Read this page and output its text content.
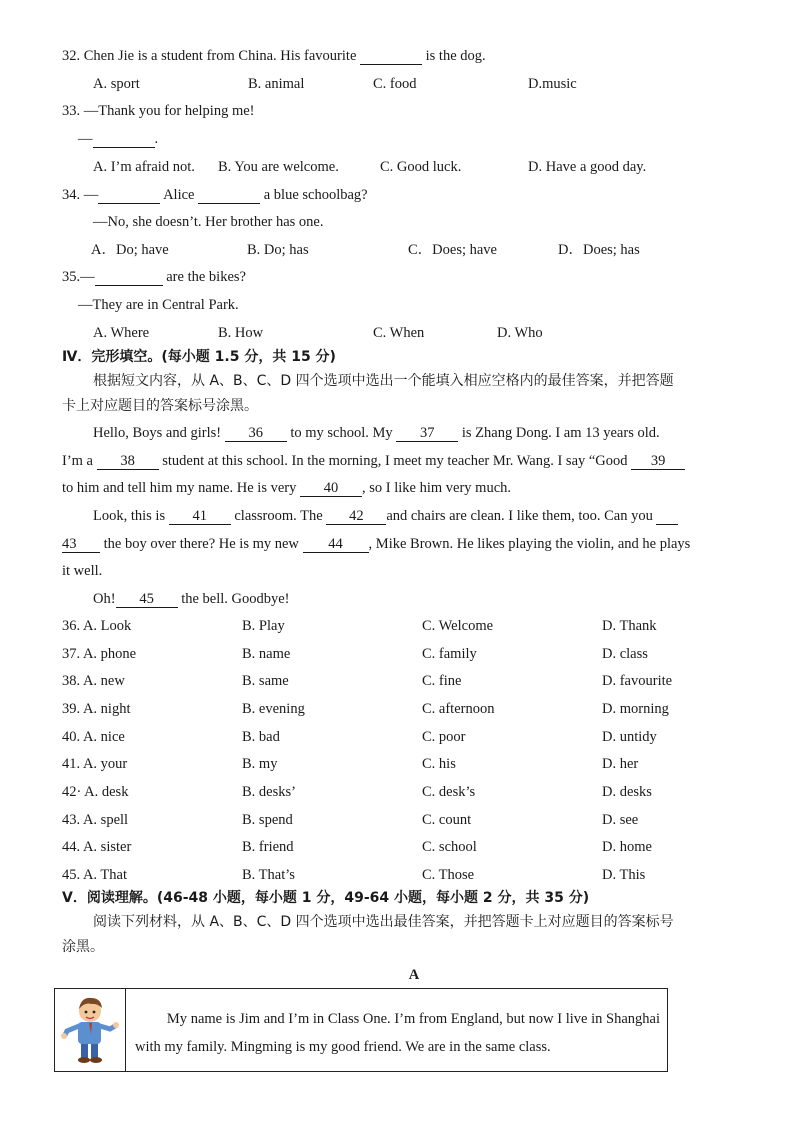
32. Chen Jie is a student from China. His favourite	is the dog.
A. sport	B. animal	C. food	D.music
33. —Thank you for helping me!
—	.
A. I’m afraid not. B. You are welcome.	C. Good luck.	D. Have a good day.
34. —	Alice	a blue schoolbag?
—No, she doesn’t. Her brother has one.
A．Do; have	B. Do; has	C．Does; have	D．Does; has
35.—	are the bikes?
—They are in Central Park.
A. Where	B. How	C. When	D. Who
Ⅳ．完形填空。(每小题 1.5 分，共 15 分)
根据短文内容，从 A、B、C、D 四个选项中选出一个能填入相应空格内的最佳答案，并把答题
卡上对应题目的答案标号涂黑。
Hello, Boys and girls! 36 to my school. My 37 is Zhang Dong. I am 13 years old.
I’m a 38 student at this school. In the morning, I meet my teacher Mr. Wang. I say “Good 39
to him and tell him my name. He is very 40 , so I like him very much.
Look, this is 41 classroom. The 42 and chairs are clean. I like them, too. Can you
43 the boy over there? He is my new 44 , Mike Brown. He likes playing the violin, and he plays
it well.
Oh! 45 the bell. Goodbye!
36. A. Look	B. Play	C. Welcome	D. Thank
37. A. phone	B. name	C. family	D. class
38. A. new	B. same	C. fine	D. favourite
39. A. night	B. evening	C. afternoon	D. morning
40. A. nice	B. bad	C. poor	D. untidy
41. A. your	B. my	C. his	D. her
42· A. desk	B. desks’	C. desk’s	D. desks
43. A. spell	B. spend	C. count	D. see
44. A. sister	B. friend	C. school	D. home
45. A. That	B. That’s	C. Those	D. This
Ⅴ．阅读理解。(46-48 小题，每小题 1 分，49-64 小题，每小题 2 分，共 35 分)
阅读下列材料，从 A、B、C、D 四个选项中选出最佳答案，并把答题卡上对应题目的答案标号
涂黑。
A
My name is Jim and I’m in Class One. I’m from England, but now I live in Shanghai with my family. Mingming is my good friend. We are in the same class.
